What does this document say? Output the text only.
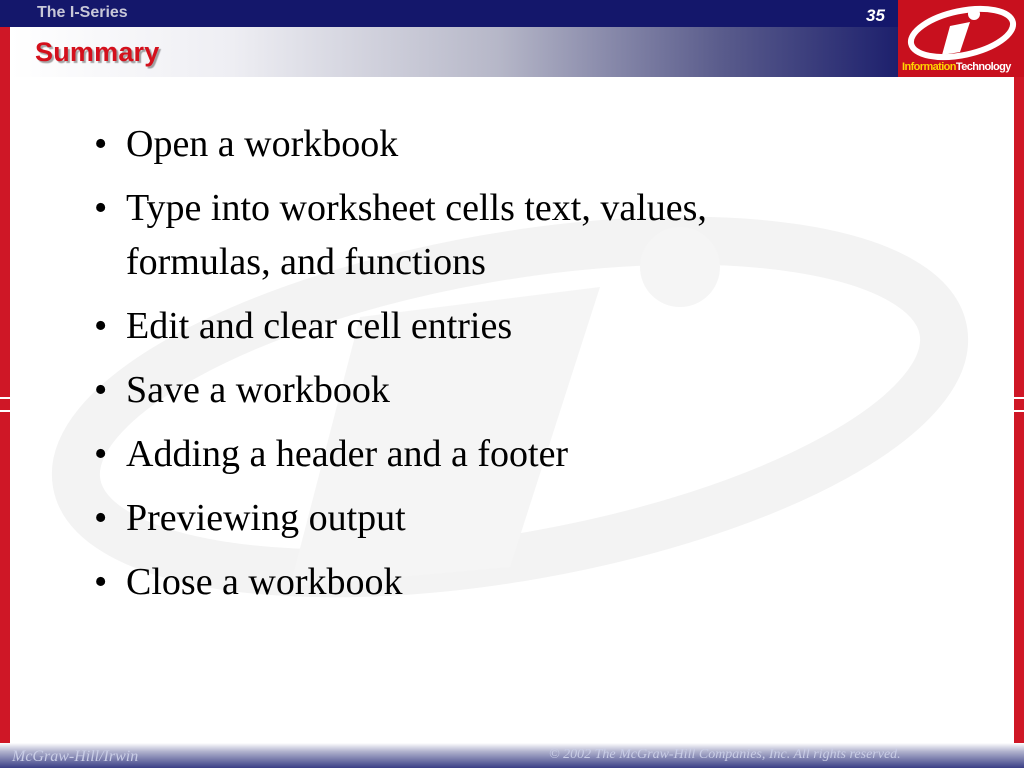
The I-Series	35
Summary	InformationTechnology
• Open a workbook
• Type into worksheet cells text, values, formulas, and functions
• Edit and clear cell entries
• Save a workbook
• Adding a header and a footer
• Previewing output
• Close a workbook
McGraw-Hill/Irwin	© 2002 The McGraw-Hill Companies, Inc. All rights reserved.
